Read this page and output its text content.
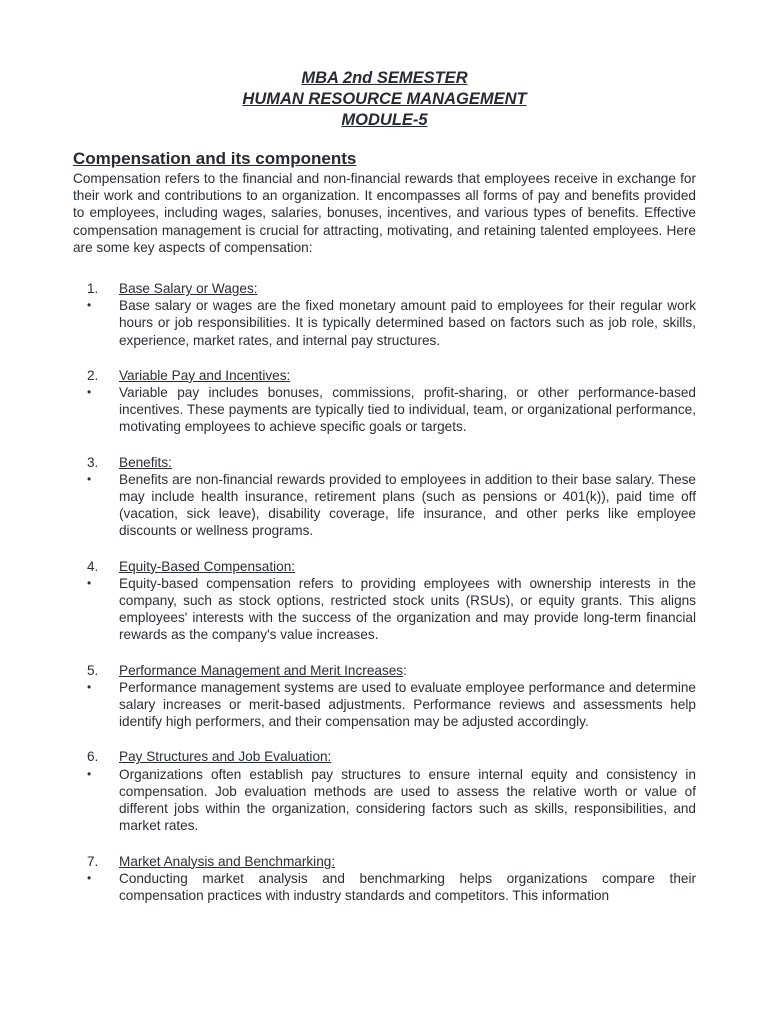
MBA 2nd SEMESTER
HUMAN RESOURCE MANAGEMENT
MODULE-5
Compensation and its components

Compensation refers to the financial and non-financial rewards that employees receive in exchange for their work and contributions to an organization. It encompasses all forms of pay and benefits provided to employees, including wages, salaries, bonuses, incentives, and various types of benefits. Effective compensation management is crucial for attracting, motivating, and retaining talented employees. Here are some key aspects of compensation:

1.	Base Salary or Wages:
•	Base salary or wages are the fixed monetary amount paid to employees for their regular work hours or job responsibilities. It is typically determined based on factors such as job role, skills, experience, market rates, and internal pay structures.
2.	Variable Pay and Incentives:
•	Variable pay includes bonuses, commissions, profit-sharing, or other performance-based incentives. These payments are typically tied to individual, team, or organizational performance, motivating employees to achieve specific goals or targets.
3.	Benefits:
•	Benefits are non-financial rewards provided to employees in addition to their base salary. These may include health insurance, retirement plans (such as pensions or 401(k)), paid time off (vacation, sick leave), disability coverage, life insurance, and other perks like employee discounts or wellness programs.
4.	Equity-Based Compensation:
•	Equity-based compensation refers to providing employees with ownership interests in the company, such as stock options, restricted stock units (RSUs), or equity grants. This aligns employees' interests with the success of the organization and may provide long-term financial rewards as the company's value increases.
5.	Performance Management and Merit Increases:
•	Performance management systems are used to evaluate employee performance and determine salary increases or merit-based adjustments. Performance reviews and assessments help identify high performers, and their compensation may be adjusted accordingly.
6.	Pay Structures and Job Evaluation:
•	Organizations often establish pay structures to ensure internal equity and consistency in compensation. Job evaluation methods are used to assess the relative worth or value of different jobs within the organization, considering factors such as skills, responsibilities, and market rates.
7.	Market Analysis and Benchmarking:
•	Conducting market analysis and benchmarking helps organizations compare their compensation practices with industry standards and competitors. This information
